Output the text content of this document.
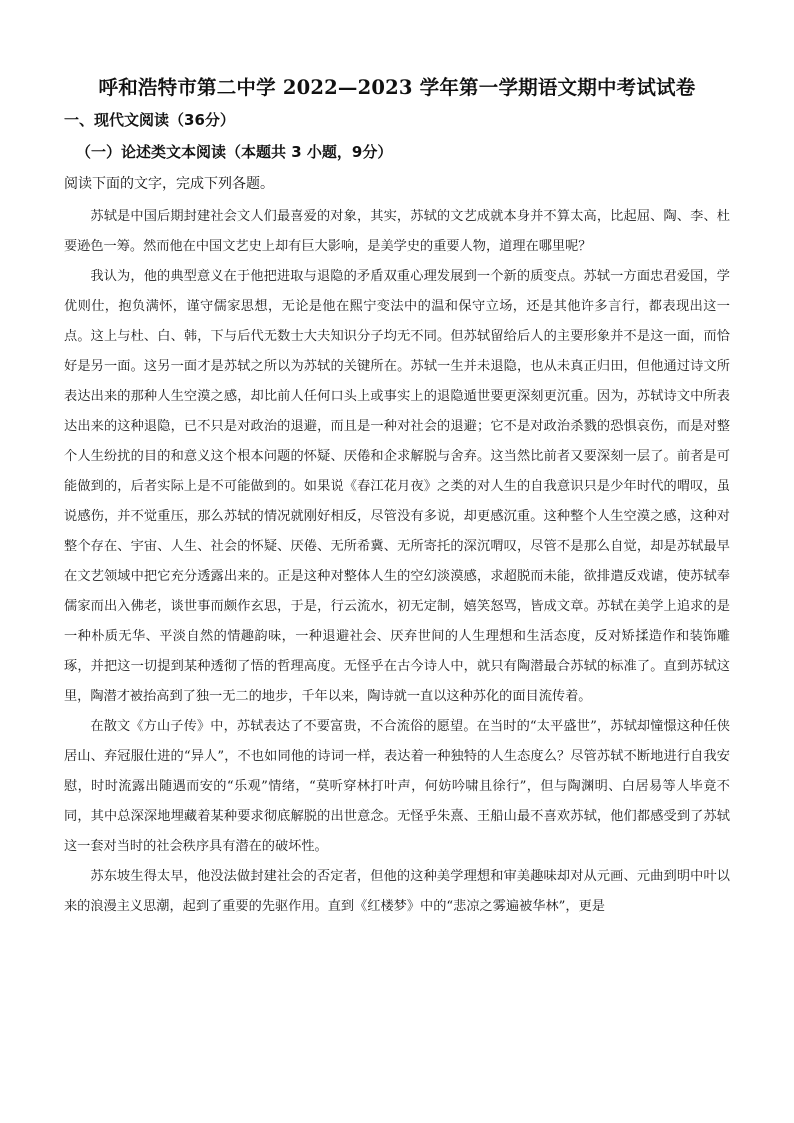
呼和浩特市第二中学 2022—2023 学年第一学期语文期中考试试卷
一、现代文阅读（36分）
（一）论述类文本阅读（本题共 3 小题，9分）
阅读下面的文字，完成下列各题。

苏轼是中国后期封建社会文人们最喜爱的对象，其实，苏轼的文艺成就本身并不算太高，比起屈、陶、李、杜要逊色一筹。然而他在中国文艺史上却有巨大影响，是美学史的重要人物，道理在哪里呢？

我认为，他的典型意义在于他把进取与退隐的矛盾双重心理发展到一个新的质变点。苏轼一方面忠君爱国，学优则仕，抱负满怀，谨守儒家思想，无论是他在熙宁变法中的温和保守立场，还是其他许多言行，都表现出这一点。这上与杜、白、韩，下与后代无数士大夫知识分子均无不同。但苏轼留给后人的主要形象并不是这一面，而恰好是另一面。这另一面才是苏轼之所以为苏轼的关键所在。苏轼一生并未退隐，也从未真正归田，但他通过诗文所表达出来的那种人生空漠之感，却比前人任何口头上或事实上的退隐遁世要更深刻更沉重。因为，苏轼诗文中所表达出来的这种退隐，已不只是对政治的退避，而且是一种对社会的退避；它不是对政治杀戮的恐惧哀伤，而是对整个人生纷扰的目的和意义这个根本问题的怀疑、厌倦和企求解脱与舍弃。这当然比前者又要深刻一层了。前者是可能做到的，后者实际上是不可能做到的。如果说《春江花月夜》之类的对人生的自我意识只是少年时代的喟叹，虽说感伤，并不觉重压，那么苏轼的情况就刚好相反，尽管没有多说，却更感沉重。这种整个人生空漠之感，这种对整个存在、宇宙、人生、社会的怀疑、厌倦、无所希冀、无所寄托的深沉喟叹，尽管不是那么自觉，却是苏轼最早在文艺领域中把它充分透露出来的。正是这种对整体人生的空幻淡漠感，求超脱而未能，欲排遣反戏谑，使苏轼奉儒家而出入佛老，谈世事而颇作玄思，于是，行云流水，初无定制，嬉笑怒骂，皆成文章。苏轼在美学上追求的是一种朴质无华、平淡自然的情趣韵味，一种退避社会、厌弃世间的人生理想和生活态度，反对矫揉造作和装饰雕琢，并把这一切提到某种透彻了悟的哲理高度。无怪乎在古今诗人中，就只有陶潜最合苏轼的标准了。直到苏轼这里，陶潜才被抬高到了独一无二的地步，千年以来，陶诗就一直以这种苏化的面目流传着。

在散文《方山子传》中，苏轼表达了不要富贵，不合流俗的愿望。在当时的“太平盛世”，苏轼却憧憬这种任侠居山、弃冠服仕进的“异人”，不也如同他的诗词一样，表达着一种独特的人生态度么？尽管苏轼不断地进行自我安慰，时时流露出随遇而安的“乐观”情绪，“莫听穿林打叶声，何妨吟啸且徐行”，但与陶渊明、白居易等人毕竟不同，其中总深深地埋藏着某种要求彻底解脱的出世意念。无怪乎朱熹、王船山最不喜欢苏轼，他们都感受到了苏轼这一套对当时的社会秩序具有潜在的破坏性。

苏东坡生得太早，他没法做封建社会的否定者，但他的这种美学理想和审美趣味却对从元画、元曲到明中叶以来的浪漫主义思潮，起到了重要的先驱作用。直到《红楼梦》中的“悲凉之雾遍被华林”，更是
